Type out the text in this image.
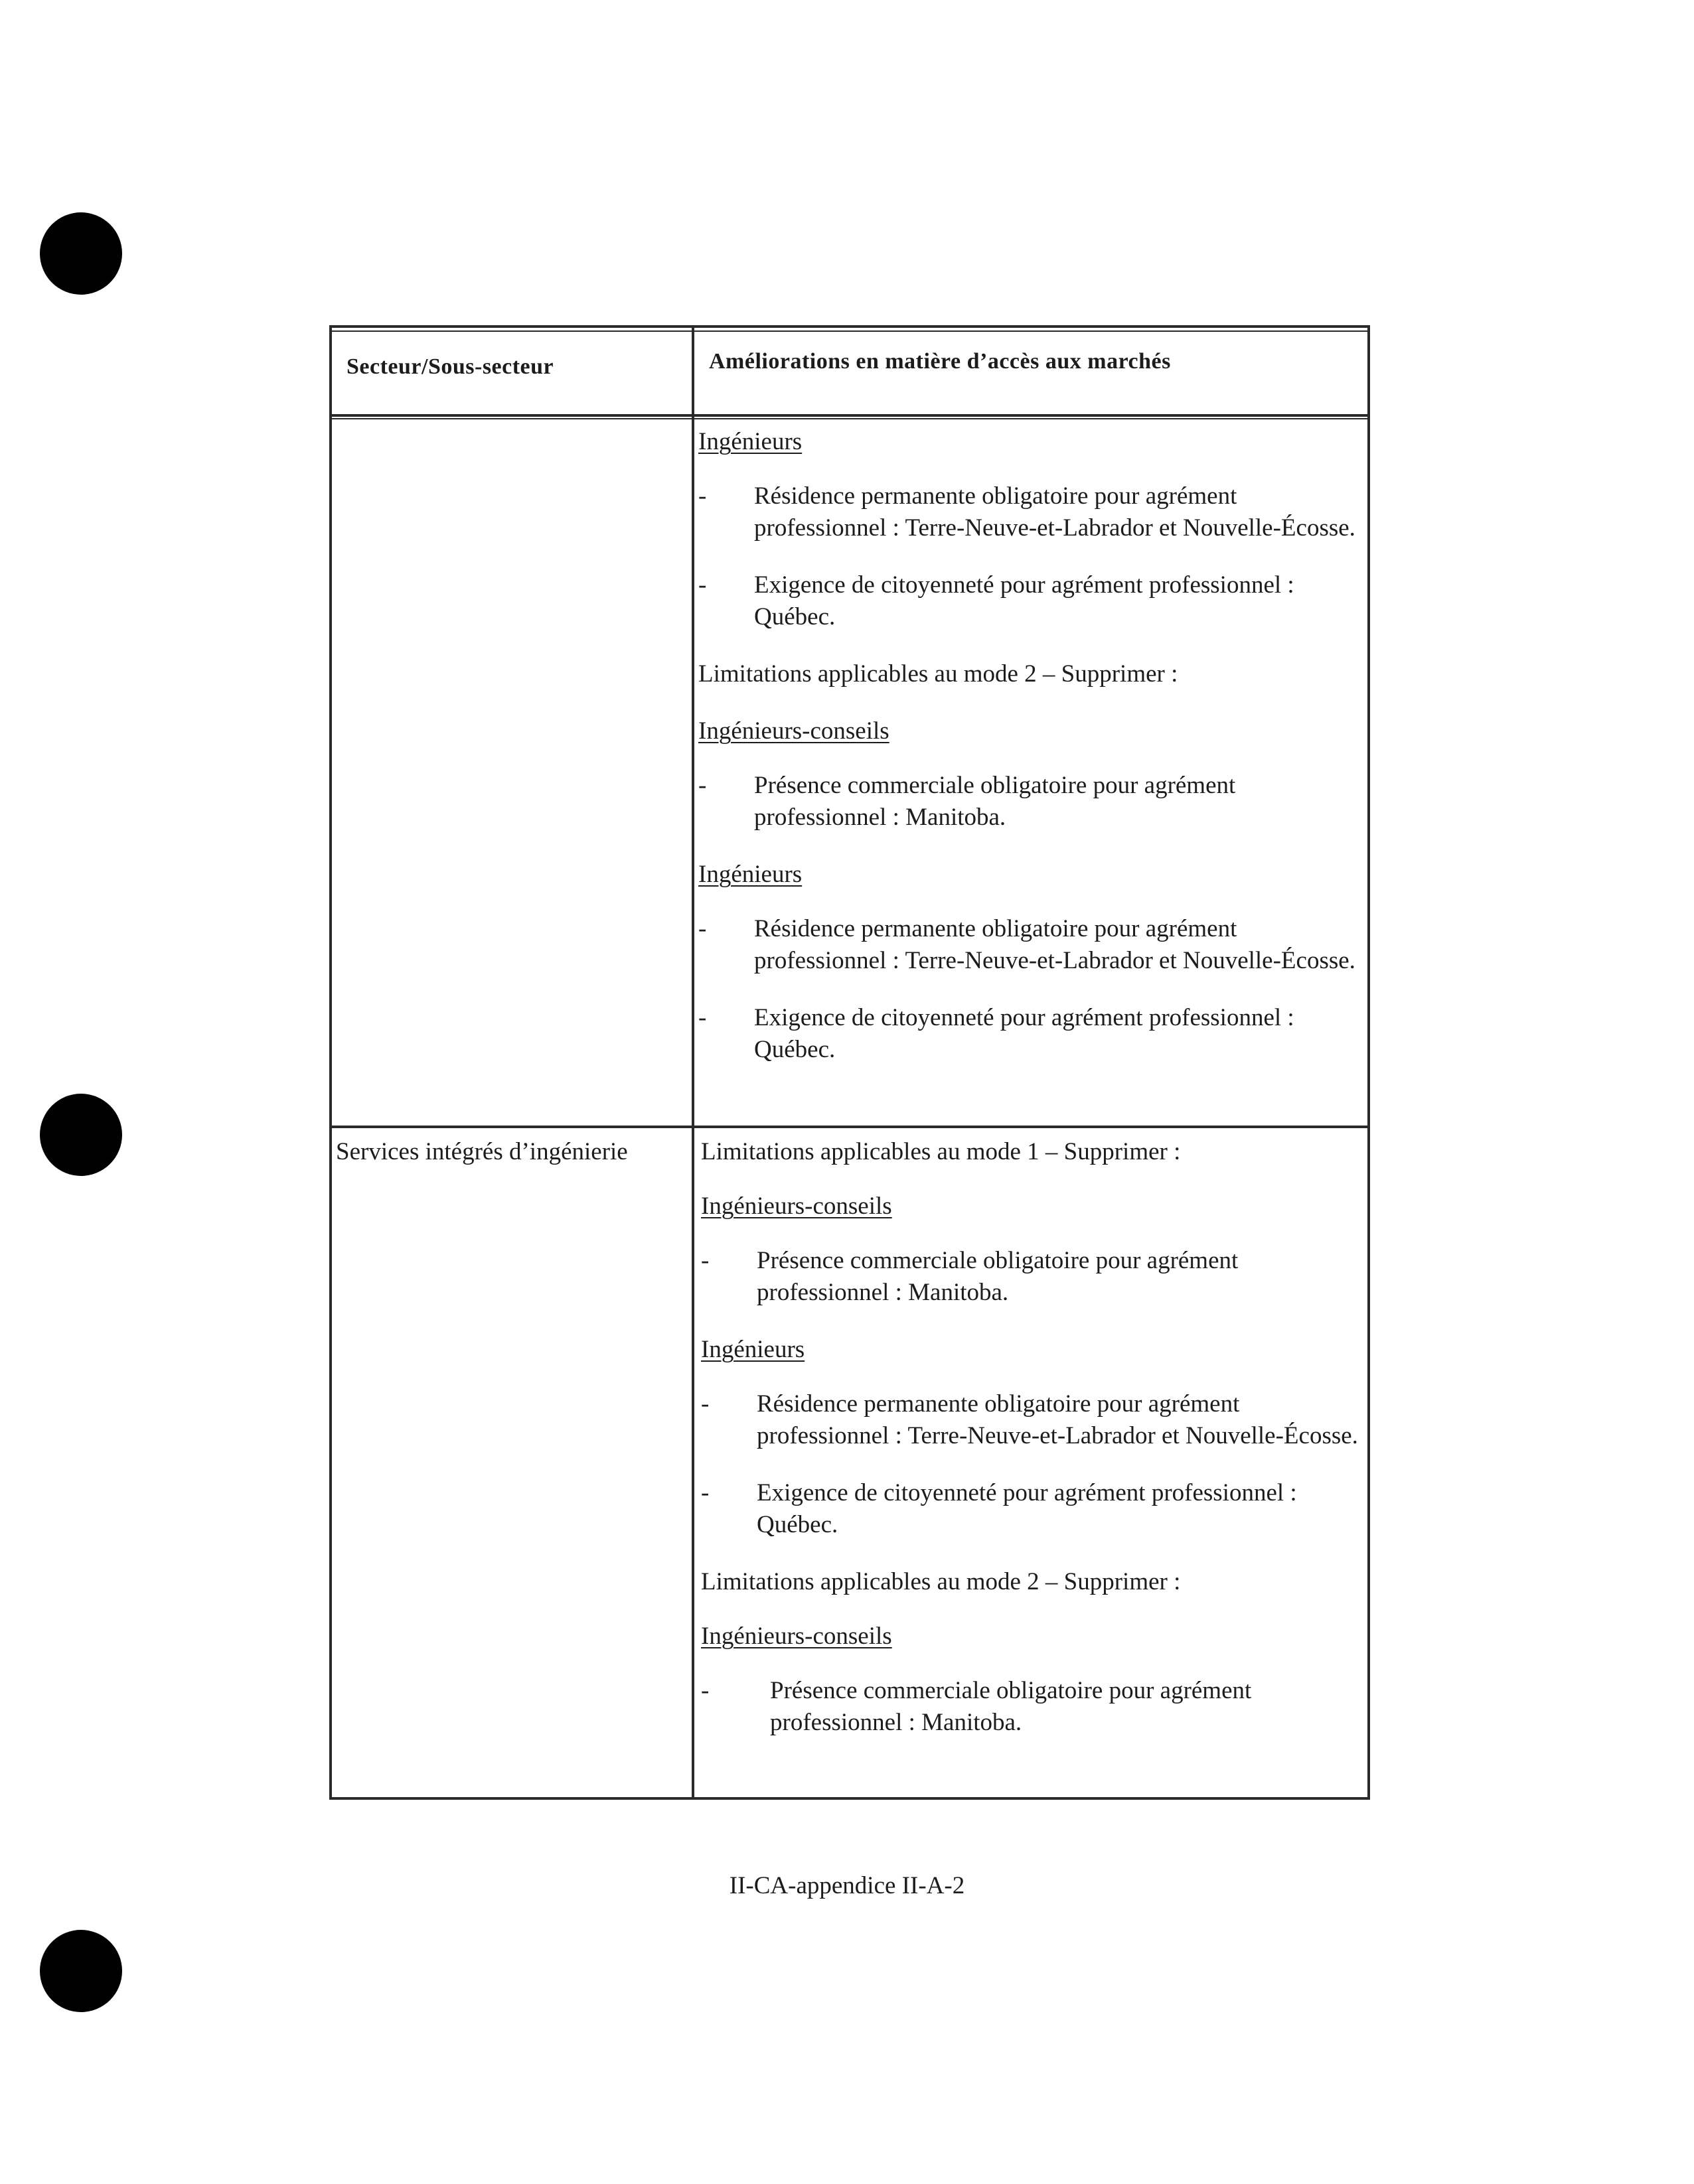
Secteur/Sous-secteur	Améliorations en matière d’accès aux marchés
Ingénieurs
- Résidence permanente obligatoire pour agrément professionnel : Terre-Neuve-et-Labrador et Nouvelle-Écosse.
- Exigence de citoyenneté pour agrément professionnel : Québec.
Limitations applicables au mode 2 – Supprimer :
Ingénieurs-conseils
- Présence commerciale obligatoire pour agrément professionnel : Manitoba.
Ingénieurs
- Résidence permanente obligatoire pour agrément professionnel : Terre-Neuve-et-Labrador et Nouvelle-Écosse.
- Exigence de citoyenneté pour agrément professionnel : Québec.
Services intégrés d’ingénierie	Limitations applicables au mode 1 – Supprimer :
Ingénieurs-conseils
- Présence commerciale obligatoire pour agrément professionnel : Manitoba.
Ingénieurs
- Résidence permanente obligatoire pour agrément professionnel : Terre-Neuve-et-Labrador et Nouvelle-Écosse.
- Exigence de citoyenneté pour agrément professionnel : Québec.
Limitations applicables au mode 2 – Supprimer :
Ingénieurs-conseils
- Présence commerciale obligatoire pour agrément professionnel : Manitoba.
II-CA-appendice II-A-2
